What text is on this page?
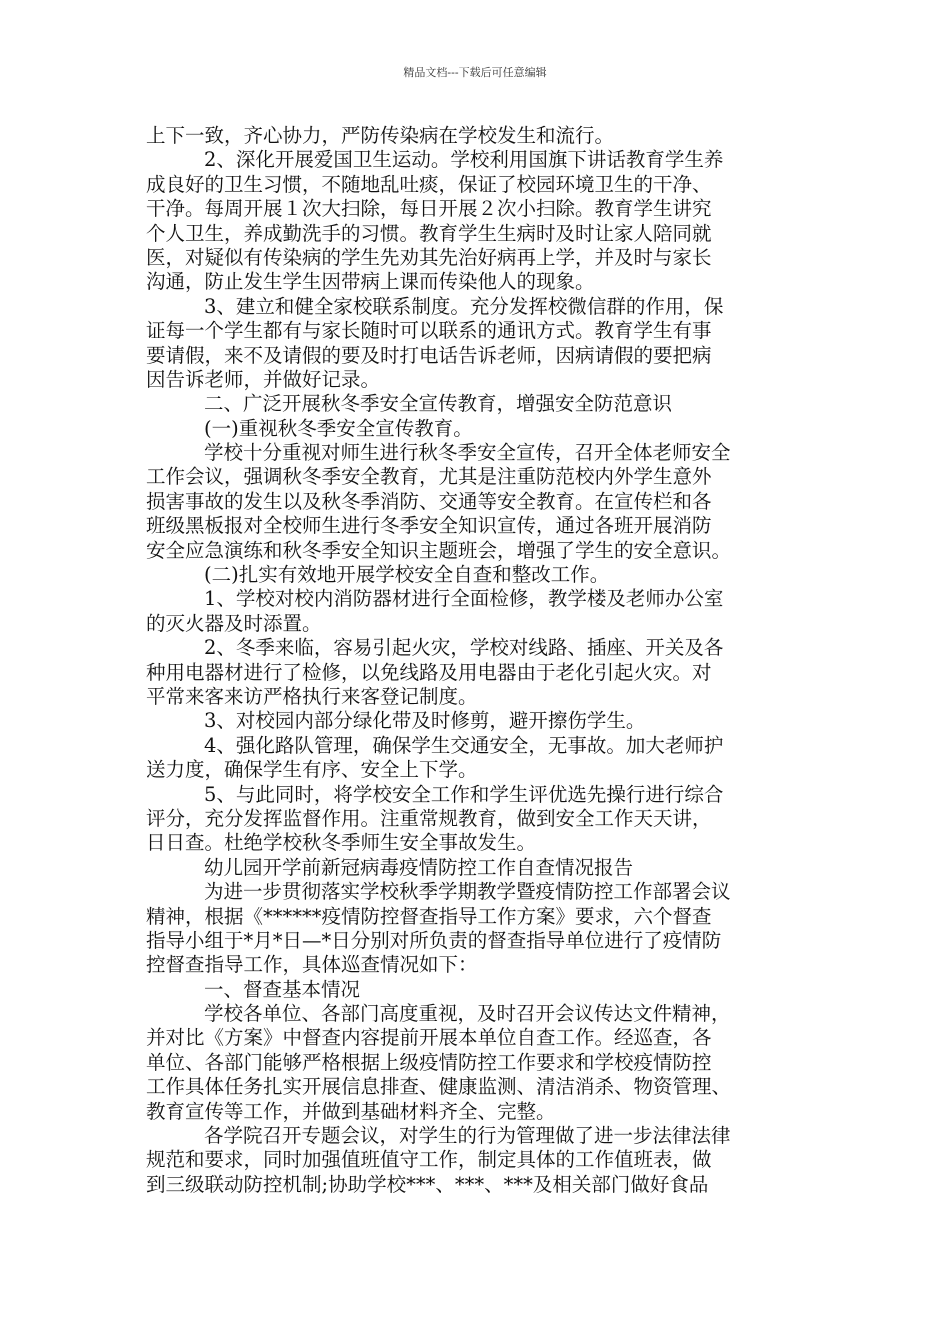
精品文档---下载后可任意编辑
上下一致，齐心协力，严防传染病在学校发生和流行。
2、深化开展爱国卫生运动。学校利用国旗下讲话教育学生养
成良好的卫生习惯，不随地乱吐痰，保证了校园环境卫生的干净、
干净。每周开展１次大扫除，每日开展２次小扫除。教育学生讲究
个人卫生，养成勤洗手的习惯。教育学生生病时及时让家人陪同就
医，对疑似有传染病的学生先劝其先治好病再上学，并及时与家长
沟通，防止发生学生因带病上课而传染他人的现象。
3、建立和健全家校联系制度。充分发挥校微信群的作用，保
证每一个学生都有与家长随时可以联系的通讯方式。教育学生有事
要请假，来不及请假的要及时打电话告诉老师，因病请假的要把病
因告诉老师，并做好记录。
二、广泛开展秋冬季安全宣传教育，增强安全防范意识
(一)重视秋冬季安全宣传教育。
学校十分重视对师生进行秋冬季安全宣传，召开全体老师安全
工作会议，强调秋冬季安全教育，尤其是注重防范校内外学生意外
损害事故的发生以及秋冬季消防、交通等安全教育。在宣传栏和各
班级黑板报对全校师生进行冬季安全知识宣传，通过各班开展消防
安全应急演练和秋冬季安全知识主题班会，增强了学生的安全意识。
(二)扎实有效地开展学校安全自查和整改工作。
1、学校对校内消防器材进行全面检修，教学楼及老师办公室
的灭火器及时添置。
2、冬季来临，容易引起火灾，学校对线路、插座、开关及各
种用电器材进行了检修，以免线路及用电器由于老化引起火灾。对
平常来客来访严格执行来客登记制度。
3、对校园内部分绿化带及时修剪，避开擦伤学生。
4、强化路队管理，确保学生交通安全，无事故。加大老师护
送力度，确保学生有序、安全上下学。
5、与此同时，将学校安全工作和学生评优选先操行进行综合
评分，充分发挥监督作用。注重常规教育，做到安全工作天天讲，
日日查。杜绝学校秋冬季师生安全事故发生。
幼儿园开学前新冠病毒疫情防控工作自查情况报告
为进一步贯彻落实学校秋季学期教学暨疫情防控工作部署会议
精神，根据《******疫情防控督查指导工作方案》要求，六个督查
指导小组于*月*日—*日分别对所负责的督查指导单位进行了疫情防
控督查指导工作，具体巡查情况如下：
一、督查基本情况
学校各单位、各部门高度重视，及时召开会议传达文件精神，
并对比《方案》中督查内容提前开展本单位自查工作。经巡查，各
单位、各部门能够严格根据上级疫情防控工作要求和学校疫情防控
工作具体任务扎实开展信息排查、健康监测、清洁消杀、物资管理、
教育宣传等工作，并做到基础材料齐全、完整。
各学院召开专题会议，对学生的行为管理做了进一步法律法律
规范和要求，同时加强值班值守工作，制定具体的工作值班表，做
到三级联动防控机制;协助学校***、***、***及相关部门做好食品
